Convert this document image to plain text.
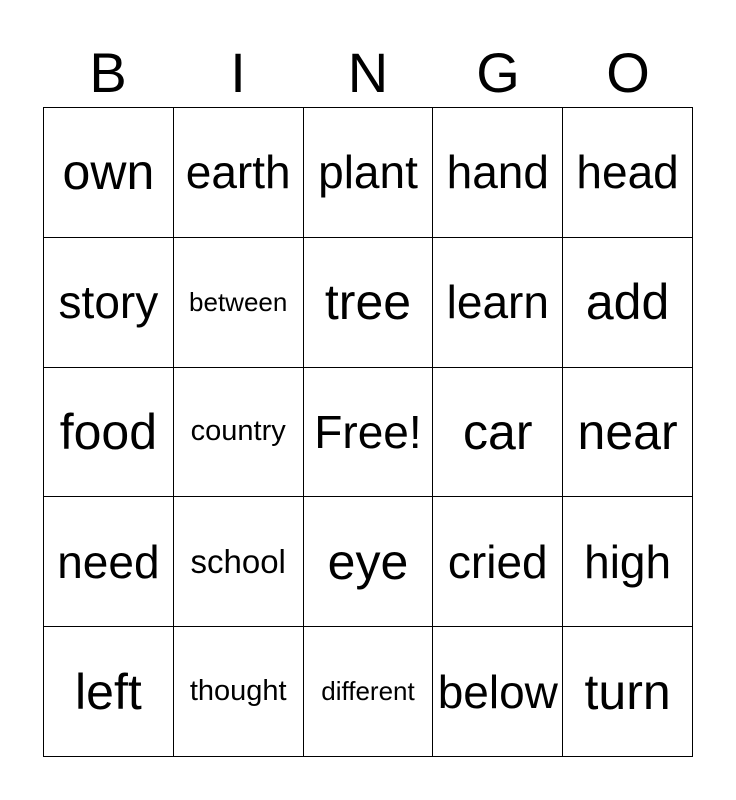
B	I	N	G	O
own earth plant hand head
story	between tree learn add
food	country Free! car near
need school eye cried high
left	thought	different below turn
